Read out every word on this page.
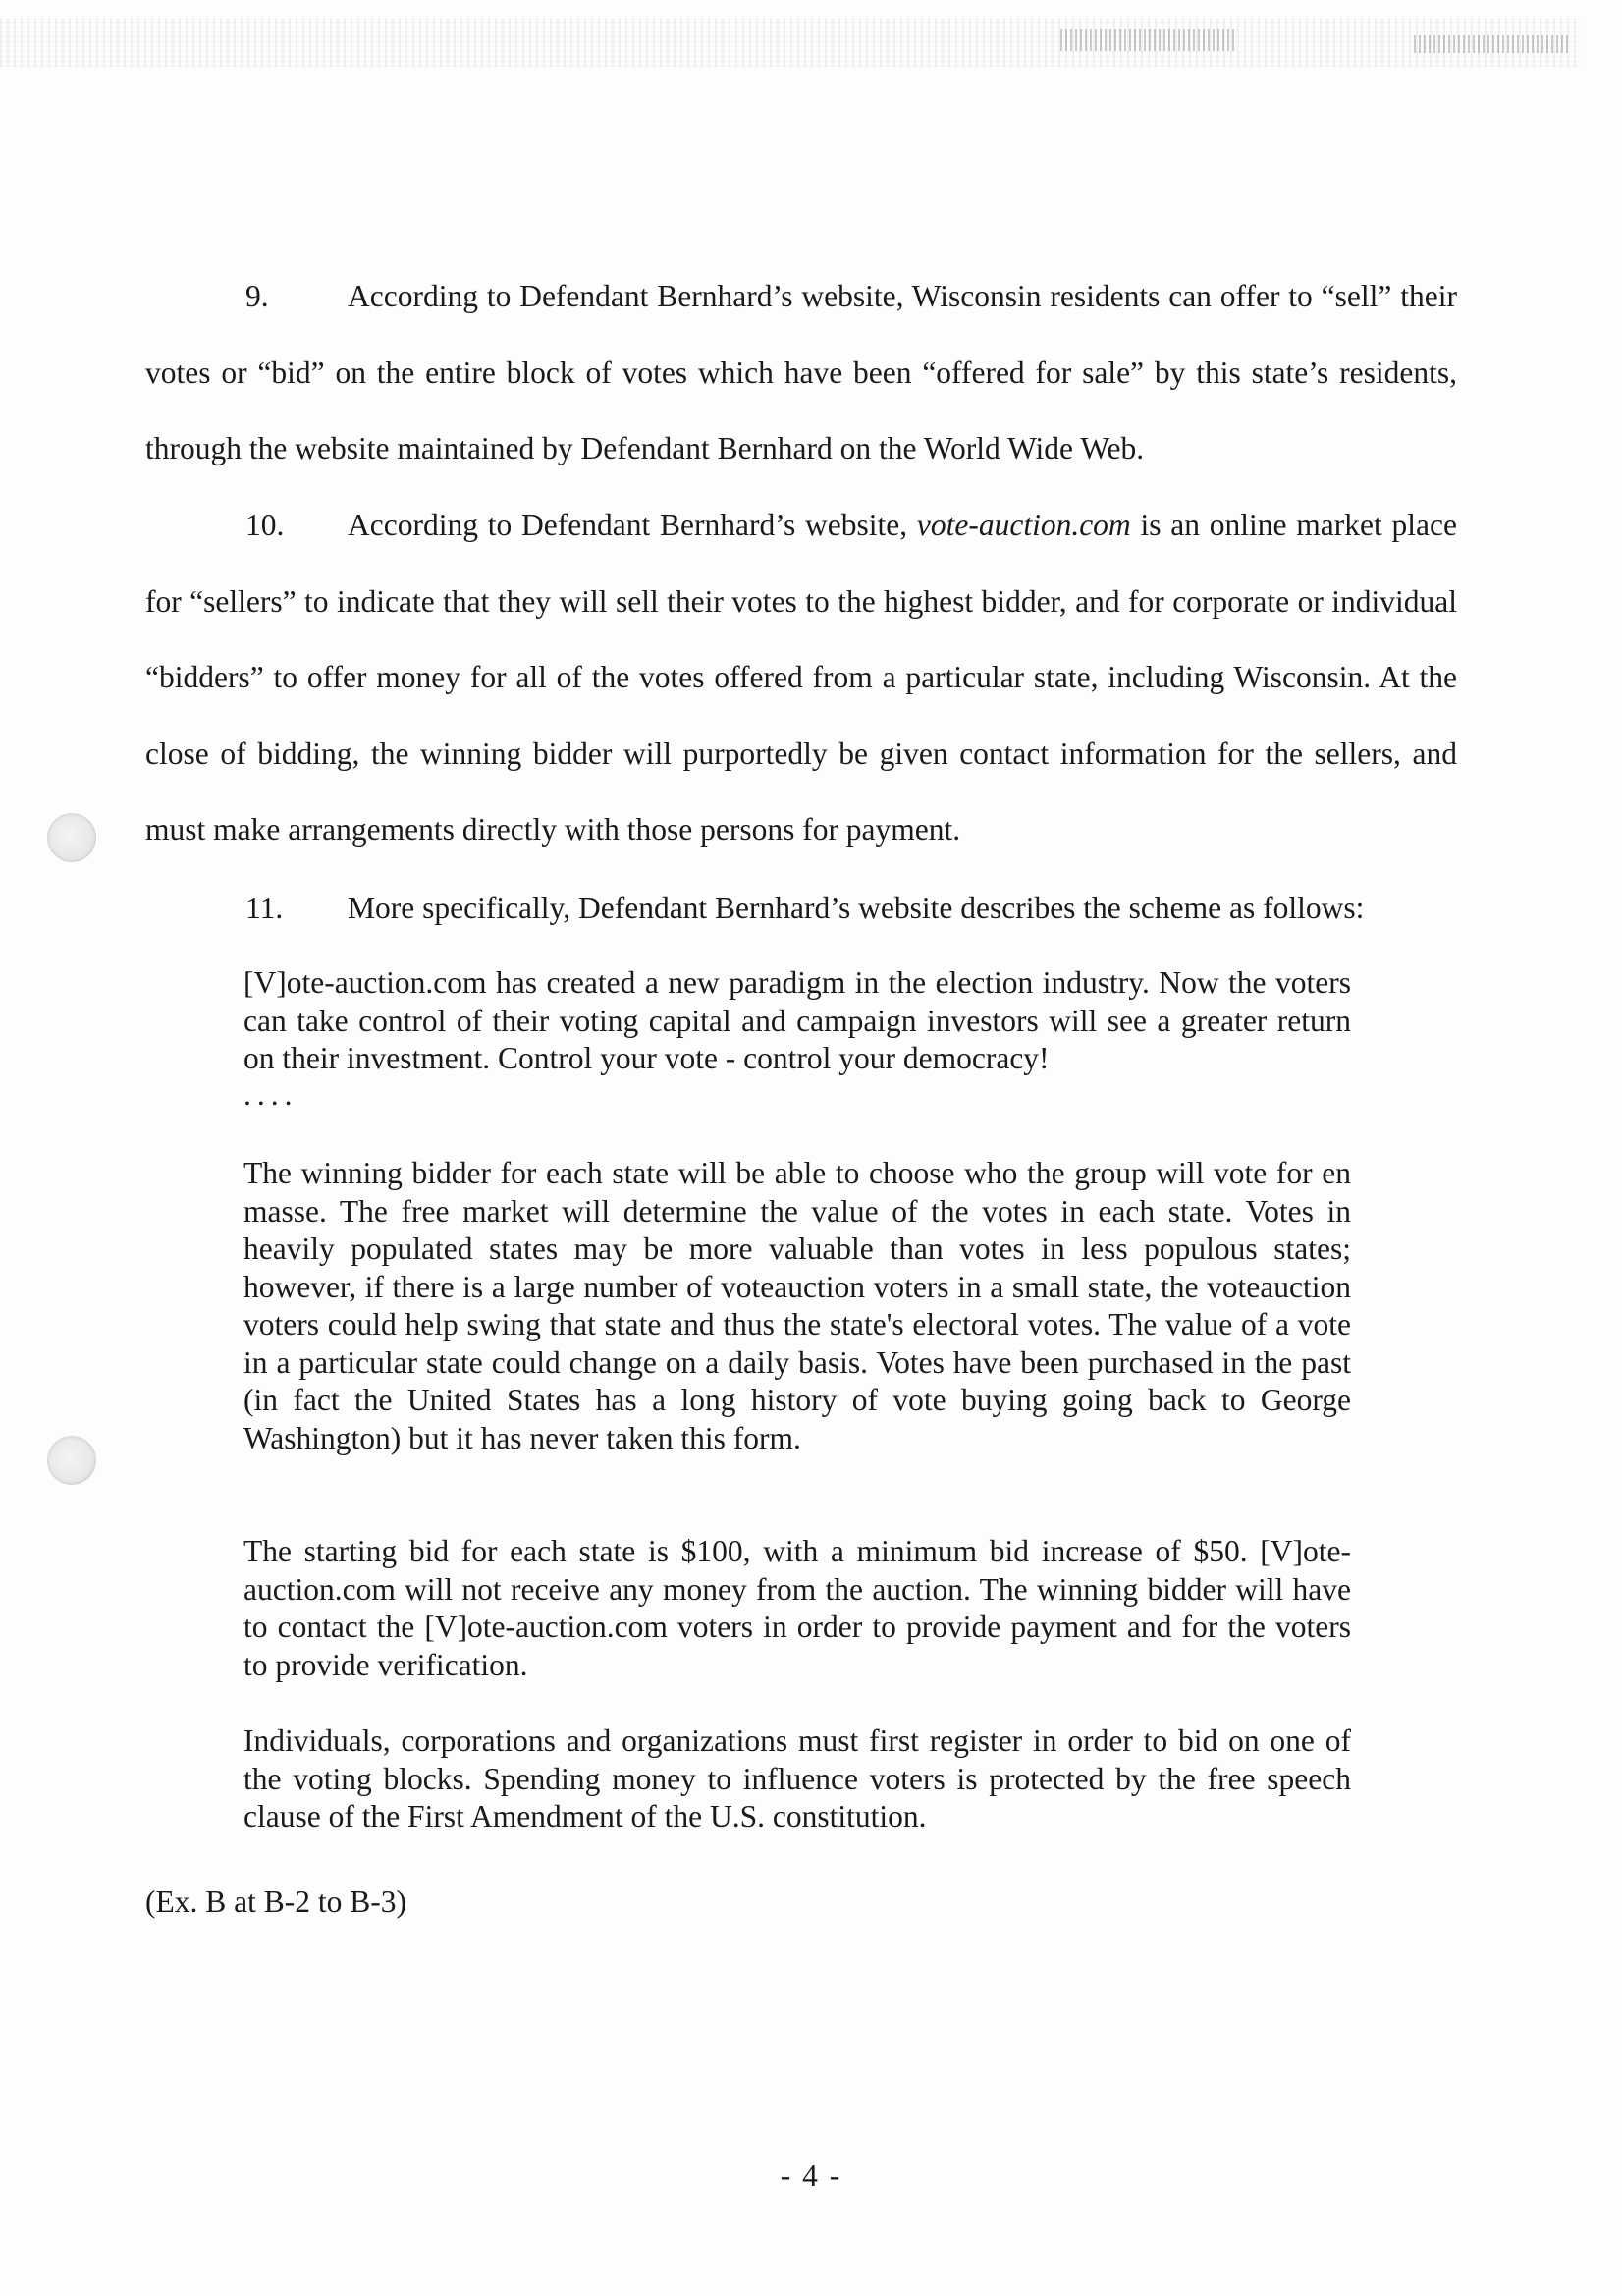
9.	According to Defendant Bernhard’s website, Wisconsin residents can offer to “sell” their votes or “bid” on the entire block of votes which have been “offered for sale” by this state’s residents, through the website maintained by Defendant Bernhard on the World Wide Web.

10. According to Defendant Bernhard’s website, vote-auction.com is an online market place for “sellers” to indicate that they will sell their votes to the highest bidder, and for corporate or individual “bidders” to offer money for all of the votes offered from a particular state, including Wisconsin. At the close of bidding, the winning bidder will purportedly be given contact information for the sellers, and must make arrangements directly with those persons for payment.

11. More specifically, Defendant Bernhard’s website describes the scheme as follows:

[V]ote-auction.com has created a new paradigm in the election industry. Now the voters can take control of their voting capital and campaign investors will see a greater return on their investment. Control your vote - control your democracy!

....

The winning bidder for each state will be able to choose who the group will vote for en masse. The free market will determine the value of the votes in each state. Votes in heavily populated states may be more valuable than votes in less populous states; however, if there is a large number of voteauction voters in a small state, the voteauction voters could help swing that state and thus the state's electoral votes. The value of a vote in a particular state could change on a daily basis. Votes have been purchased in the past (in fact the United States has a long history of vote buying going back to George Washington) but it has never taken this form.

The starting bid for each state is $100, with a minimum bid increase of $50. [V]ote-auction.com will not receive any money from the auction. The winning bidder will have to contact the [V]ote-auction.com voters in order to provide payment and for the voters to provide verification.

Individuals, corporations and organizations must first register in order to bid on one of the voting blocks. Spending money to influence voters is protected by the free speech clause of the First Amendment of the U.S. constitution.

(Ex. B at B-2 to B-3)

- 4 -
